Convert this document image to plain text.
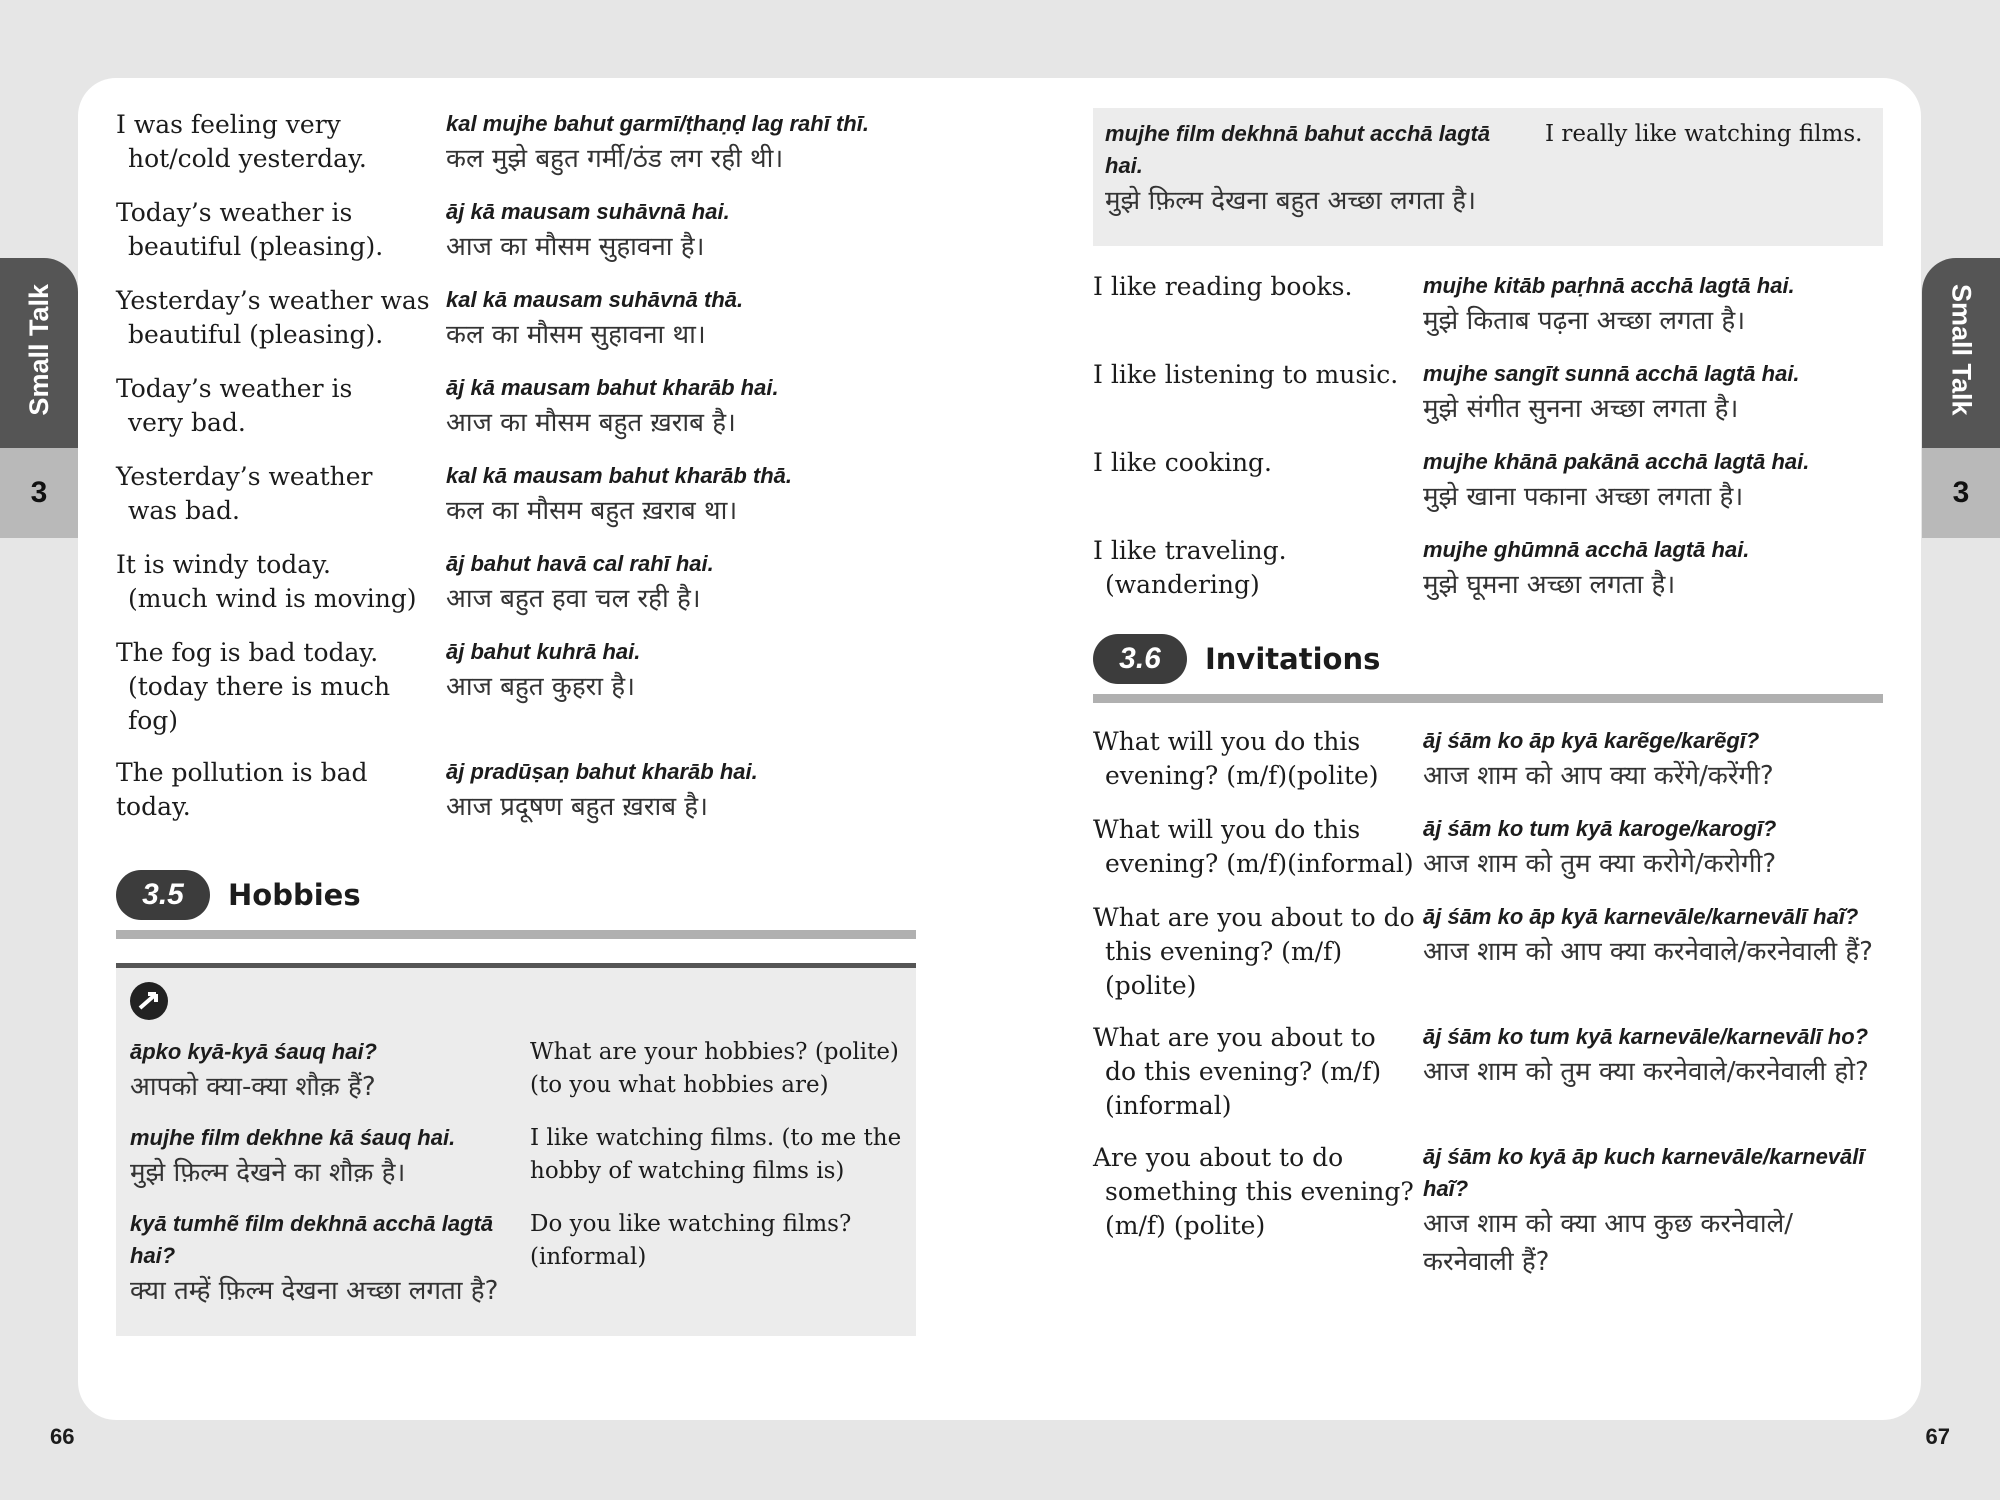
Small Talk
3
Small Talk
3
I was feeling very
hot/cold yesterday.
kal mujhe bahut garmī/ṭhaṇḍ lag rahī thī.
कल मुझे बहुत गर्मी/ठंड लग रही थी।
Today’s weather is
beautiful (pleasing).
āj kā mausam suhāvnā hai.
आज का मौसम सुहावना है।
Yesterday’s weather was
beautiful (pleasing).
kal kā mausam suhāvnā thā.
कल का मौसम सुहावना था।
Today’s weather is
very bad.
āj kā mausam bahut kharāb hai.
आज का मौसम बहुत ख़राब है।
Yesterday’s weather
was bad.
kal kā mausam bahut kharāb thā.
कल का मौसम बहुत ख़राब था।
It is windy today.
(much wind is moving)
āj bahut havā cal rahī hai.
आज बहुत हवा चल रही है।
The fog is bad today.
(today there is much fog)
āj bahut kuhrā hai.
आज बहुत कुहरा है।
The pollution is bad today.
āj pradūṣaṇ bahut kharāb hai.
आज प्रदूषण बहुत ख़राब है।
3.5	Hobbies
āpko kyā-kyā śauq hai?
आपको क्या-क्या शौक़ हैं?
What are your hobbies? (polite) (to you what hobbies are)
mujhe film dekhne kā śauq hai.
मुझे फ़िल्म देखने का शौक़ है।
I like watching films. (to me the hobby of watching films is)
kyā tumhẽ film dekhnā acchā lagtā hai?
क्या तम्हें फ़िल्म देखना अच्छा लगता है?
Do you like watching films? (informal)
mujhe film dekhnā bahut acchā lagtā hai.
मुझे फ़िल्म देखना बहुत अच्छा लगता है।
I really like watching films.
I like reading books.	mujhe kitāb paṛhnā acchā lagtā hai.
मुझे किताब पढ़ना अच्छा लगता है।
I like listening to music.	mujhe sangīt sunnā acchā lagtā hai.
मुझे संगीत सुनना अच्छा लगता है।
I like cooking.	mujhe khānā pakānā acchā lagtā hai.
मुझे खाना पकाना अच्छा लगता है।
I like traveling.
(wandering)
mujhe ghūmnā acchā lagtā hai.
मुझे घूमना अच्छा लगता है।
3.6	Invitations
What will you do this
evening? (m/f)(polite)
āj śām ko āp kyā karẽge/karẽgī?
आज शाम को आप क्या करेंगे/करेंगी?
What will you do this
evening? (m/f)(informal)
āj śām ko tum kyā karoge/karogī?
आज शाम को तुम क्या करोगे/करोगी?
What are you about to do
this evening? (m/f) (polite)
āj śām ko āp kyā karnevāle/karnevālī haĩ?
आज शाम को आप क्या करनेवाले/करनेवाली हैं?
What are you about to
do this evening? (m/f) (informal)
āj śām ko tum kyā karnevāle/karnevālī ho?
आज शाम को तुम क्या करनेवाले/करनेवाली हो?
Are you about to do
something this evening? (m/f) (polite)
āj śām ko kyā āp kuch karnevāle/karnevālī haĩ?
आज शाम को क्या आप कुछ करनेवाले/करनेवाली हैं?
66	67
